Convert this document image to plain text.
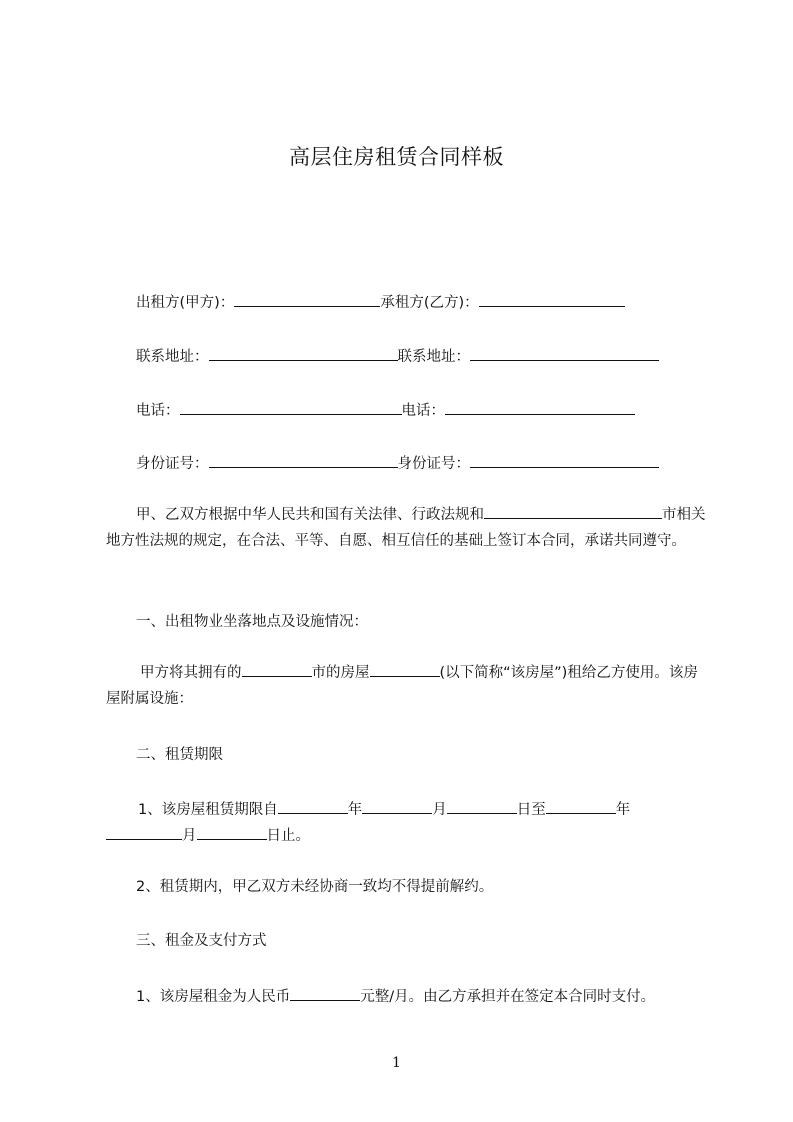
高层住房租赁合同样板
出租方(甲方)：	承租方(乙方)：
联系地址：	联系地址：
电话：	电话：
身份证号：	身份证号：
甲、乙双方根据中华人民共和国有关法律、行政法规和	市相关地方性法规的规定，在合法、平等、自愿、相互信任的基础上签订本合同，承诺共同遵守。
一、出租物业坐落地点及设施情况：
甲方将其拥有的	市的房屋	(以下简称“该房屋”)租给乙方使用。该房屋附属设施：
二、租赁期限
1、该房屋租赁期限自	年	月	日至	年月	日止。
2、租赁期内，甲乙双方未经协商一致均不得提前解约。
三、租金及支付方式
1、该房屋租金为人民币	元整/月。由乙方承担并在签定本合同时支付。
1
